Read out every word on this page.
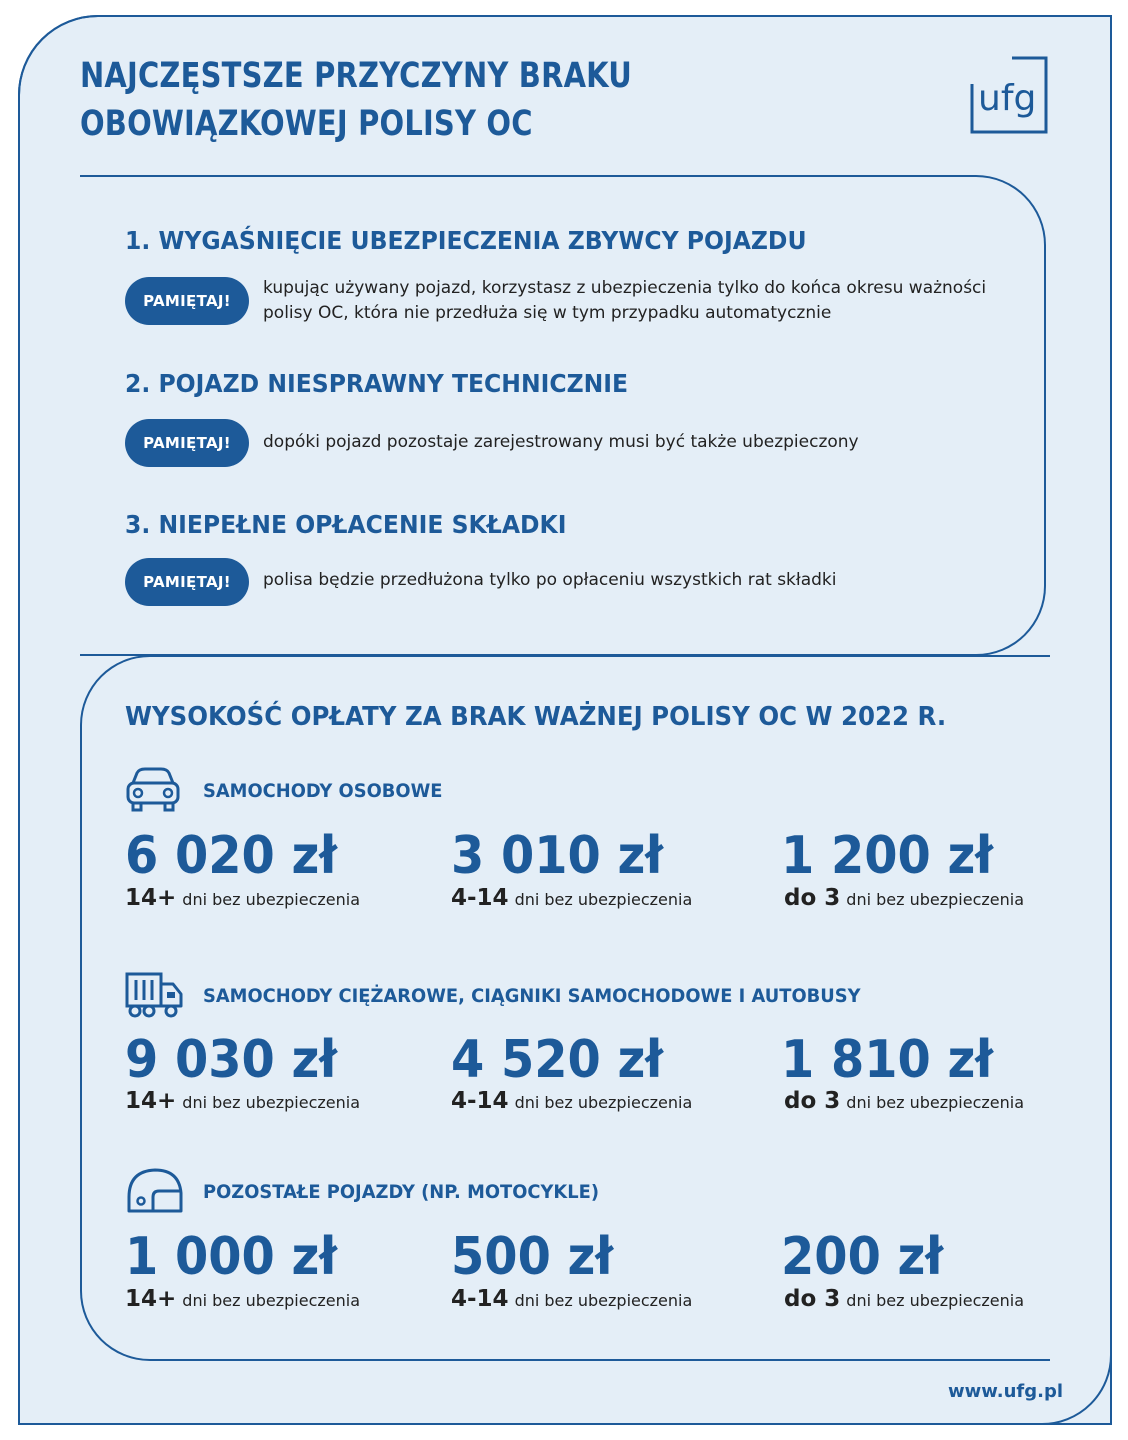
NAJCZĘSTSZE PRZYCZYNY BRAKU
OBOWIĄZKOWEJ POLISY OC
ufg
1. WYGAŚNIĘCIE UBEZPIECZENIA ZBYWCY POJAZDU
PAMIĘTAJ!
kupując używany pojazd, korzystasz z ubezpieczenia tylko do końca okresu ważności polisy OC, która nie przedłuża się w tym przypadku automatycznie
2. POJAZD NIESPRAWNY TECHNICZNIE
PAMIĘTAJ!	dopóki pojazd pozostaje zarejestrowany musi być także ubezpieczony
3. NIEPEŁNE OPŁACENIE SKŁADKI
PAMIĘTAJ!	polisa będzie przedłużona tylko po opłaceniu wszystkich rat składki
WYSOKOŚĆ OPŁATY ZA BRAK WAŻNEJ POLISY OC W 2022 R.
SAMOCHODY OSOBOWE
6 020 zł
14+ dni bez ubezpieczenia
3 010 zł
4-14 dni bez ubezpieczenia
1 200 zł
do 3 dni bez ubezpieczenia
SAMOCHODY CIĘŻAROWE, CIĄGNIKI SAMOCHODOWE I AUTOBUSY
9 030 zł
14+ dni bez ubezpieczenia
4 520 zł
4-14 dni bez ubezpieczenia
1 810 zł
do 3 dni bez ubezpieczenia
POZOSTAŁE POJAZDY (NP. MOTOCYKLE)
1 000 zł
14+ dni bez ubezpieczenia
500 zł
4-14 dni bez ubezpieczenia
200 zł
do 3 dni bez ubezpieczenia
www.ufg.pl
